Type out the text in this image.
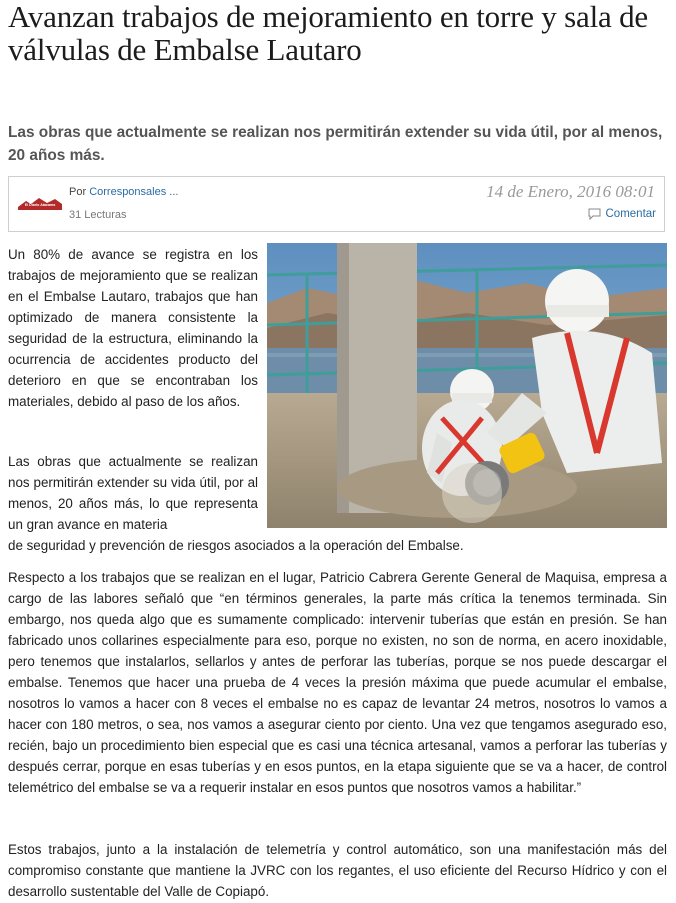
Avanzan trabajos de mejoramiento en torre y sala de válvulas de Embalse Lautaro

Las obras que actualmente se realizan nos permitirán extender su vida útil, por al menos, 20 años más.

El Diario Atacama
Por Corresponsales ...
31 Lecturas
14 de Enero, 2016 08:01
Comentar

Un 80% de avance se registra en los trabajos de mejoramiento que se realizan en el Embalse Lautaro, trabajos que han optimizado de manera consistente la seguridad de la estructura, eliminando la ocurrencia de accidentes producto del deterioro en que se encontraban los materiales, debido al paso de los años.

Las obras que actualmente se realizan nos permitirán extender su vida útil, por al menos, 20 años más, lo que representa un gran avance en materia

de seguridad y prevención de riesgos asociados a la operación del Embalse.

Respecto a los trabajos que se realizan en el lugar, Patricio Cabrera Gerente General de Maquisa, empresa a cargo de las labores señaló que “en términos generales, la parte más crítica la tenemos terminada. Sin embargo, nos queda algo que es sumamente complicado: intervenir tuberías que están en presión. Se han fabricado unos collarines especialmente para eso, porque no existen, no son de norma, en acero inoxidable, pero tenemos que instalarlos, sellarlos y antes de perforar las tuberías, porque se nos puede descargar el embalse. Tenemos que hacer una prueba de 4 veces la presión máxima que puede acumular el embalse, nosotros lo vamos a hacer con 8 veces el embalse no es capaz de levantar 24 metros, nosotros lo vamos a hacer con 180 metros, o sea, nos vamos a asegurar ciento por ciento. Una vez que tengamos asegurado eso, recién, bajo un procedimiento bien especial que es casi una técnica artesanal, vamos a perforar las tuberías y después cerrar, porque en esas tuberías y en esos puntos, en la etapa siguiente que se va a hacer, de control telemétrico del embalse se va a requerir instalar en esos puntos que nosotros vamos a habilitar.”

Estos trabajos, junto a la instalación de telemetría y control automático, son una manifestación más del compromiso constante que mantiene la JVRC con los regantes, el uso eficiente del Recurso Hídrico y con el desarrollo sustentable del Valle de Copiapó.
